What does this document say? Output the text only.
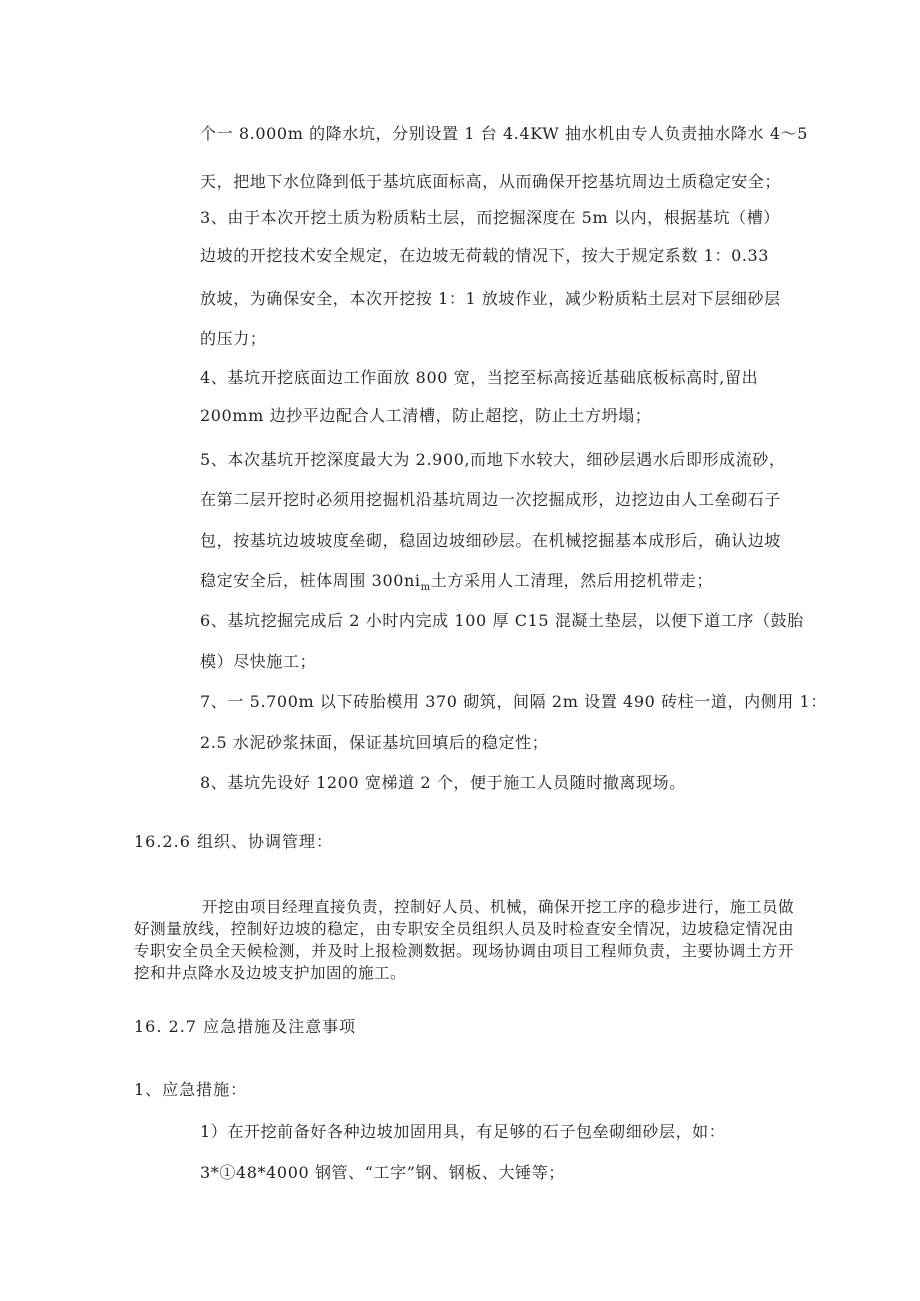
个一 8.000m 的降水坑，分别设置 1 台 4.4KW 抽水机由专人负责抽水降水 4～5
天，把地下水位降到低于基坑底面标高，从而确保开挖基坑周边土质稳定安全；
3、由于本次开挖土质为粉质粘土层，而挖掘深度在 5m 以内，根据基坑（槽）
边坡的开挖技术安全规定，在边坡无荷载的情况下，按大于规定系数 1：0.33
放坡，为确保安全，本次开挖按 1：1 放坡作业，减少粉质粘土层对下层细砂层
的压力；
4、基坑开挖底面边工作面放 800 宽，当挖至标高接近基础底板标高时,留出
200mm 边抄平边配合人工清槽，防止超挖，防止土方坍塌；
5、本次基坑开挖深度最大为 2.900,而地下水较大，细砂层遇水后即形成流砂，
在第二层开挖时必须用挖掘机沿基坑周边一次挖掘成形，边挖边由人工垒砌石子
包，按基坑边坡坡度垒砌，稳固边坡细砂层。在机械挖掘基本成形后，确认边坡
稳定安全后，桩体周围 $300ni_m$土方采用人工清理，然后用挖机带走；
6、基坑挖掘完成后 2 小时内完成 100 厚 C15 混凝土垫层，以便下道工序（鼓胎
模）尽快施工；
7、一 5.700m 以下砖胎模用 370 砌筑，间隔 2m 设置 490 砖柱一道，内侧用 1：
2.5 水泥砂浆抹面，保证基坑回填后的稳定性；
8、基坑先设好 1200 宽梯道 2 个，便于施工人员随时撤离现场。
16.2.6 组织、协调管理：
开挖由项目经理直接负责，控制好人员、机械，确保开挖工序的稳步进行，施工员做好测量放线，控制好边坡的稳定，由专职安全员组织人员及时检查安全情况，边坡稳定情况由专职安全员全天候检测，并及时上报检测数据。现场协调由项目工程师负责，主要协调土方开挖和井点降水及边坡支护加固的施工。
16. 2.7 应急措施及注意事项
1、应急措施：
1）在开挖前备好各种边坡加固用具，有足够的石子包垒砌细砂层，如：
3*①48*4000 钢管、“工字”钢、钢板、大锤等；
